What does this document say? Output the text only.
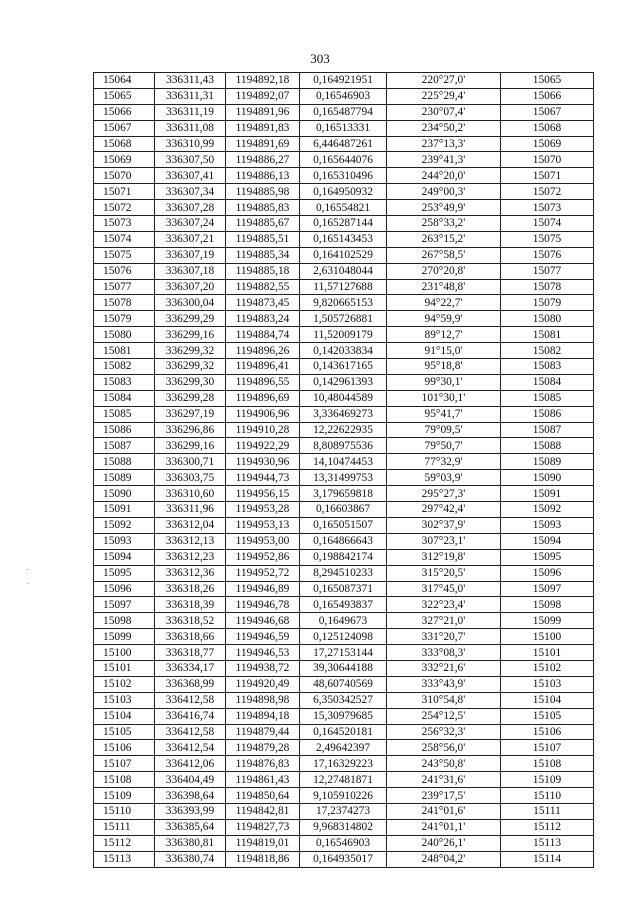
303
15064	336311,43	1194892,18	0,164921951	220°27,0'	15065
15065	336311,31	1194892,07	0,16546903	225°29,4'	15066
15066	336311,19	1194891,96	0,165487794	230°07,4'	15067
15067	336311,08	1194891,83	0,16513331	234°50,2'	15068
15068	336310,99	1194891,69	6,446487261	237°13,3'	15069
15069	336307,50	1194886,27	0,165644076	239°41,3'	15070
15070	336307,41	1194886,13	0,165310496	244°20,0'	15071
15071	336307,34	1194885,98	0,164950932	249°00,3'	15072
15072	336307,28	1194885,83	0,16554821	253°49,9'	15073
15073	336307,24	1194885,67	0,165287144	258°33,2'	15074
15074	336307,21	1194885,51	0,165143453	263°15,2'	15075
15075	336307,19	1194885,34	0,164102529	267°58,5'	15076
15076	336307,18	1194885,18	2,631048044	270°20,8'	15077
15077	336307,20	1194882,55	11,57127688	231°48,8'	15078
15078	336300,04	1194873,45	9,820665153	94°22,7'	15079
15079	336299,29	1194883,24	1,505726881	94°59,9'	15080
15080	336299,16	1194884,74	11,52009179	89°12,7'	15081
15081	336299,32	1194896,26	0,142033834	91°15,0'	15082
15082	336299,32	1194896,41	0,143617165	95°18,8'	15083
15083	336299,30	1194896,55	0,142961393	99°30,1'	15084
15084	336299,28	1194896,69	10,48044589	101°30,1'	15085
15085	336297,19	1194906,96	3,336469273	95°41,7'	15086
15086	336296,86	1194910,28	12,22622935	79°09,5'	15087
15087	336299,16	1194922,29	8,808975536	79°50,7'	15088
15088	336300,71	1194930,96	14,10474453	77°32,9'	15089
15089	336303,75	1194944,73	13,31499753	59°03,9'	15090
15090	336310,60	1194956,15	3,179659818	295°27,3'	15091
15091	336311,96	1194953,28	0,16603867	297°42,4'	15092
15092	336312,04	1194953,13	0,165051507	302°37,9'	15093
15093	336312,13	1194953,00	0,164866643	307°23,1'	15094
15094	336312,23	1194952,86	0,198842174	312°19,8'	15095
15095	336312,36	1194952,72	8,294510233	315°20,5'	15096
15096	336318,26	1194946,89	0,165087371	317°45,0'	15097
15097	336318,39	1194946,78	0,165493837	322°23,4'	15098
15098	336318,52	1194946,68	0,1649673	327°21,0'	15099
15099	336318,66	1194946,59	0,125124098	331°20,7'	15100
15100	336318,77	1194946,53	17,27153144	333°08,3'	15101
15101	336334,17	1194938,72	39,30644188	332°21,6'	15102
15102	336368,99	1194920,49	48,60740569	333°43,9'	15103
15103	336412,58	1194898,98	6,350342527	310°54,8'	15104
15104	336416,74	1194894,18	15,30979685	254°12,5'	15105
15105	336412,58	1194879,44	0,164520181	256°32,3'	15106
15106	336412,54	1194879,28	2,49642397	258°56,0'	15107
15107	336412,06	1194876,83	17,16329223	243°50,8'	15108
15108	336404,49	1194861,43	12,27481871	241°31,6'	15109
15109	336398,64	1194850,64	9,105910226	239°17,5'	15110
15110	336393,99	1194842,81	17,2374273	241°01,6'	15111
15111	336385,64	1194827,73	9,968314802	241°01,1'	15112
15112	336380,81	1194819,01	0,16546903	240°26,1'	15113
15113	336380,74	1194818,86	0,164935017	248°04,2'	15114
